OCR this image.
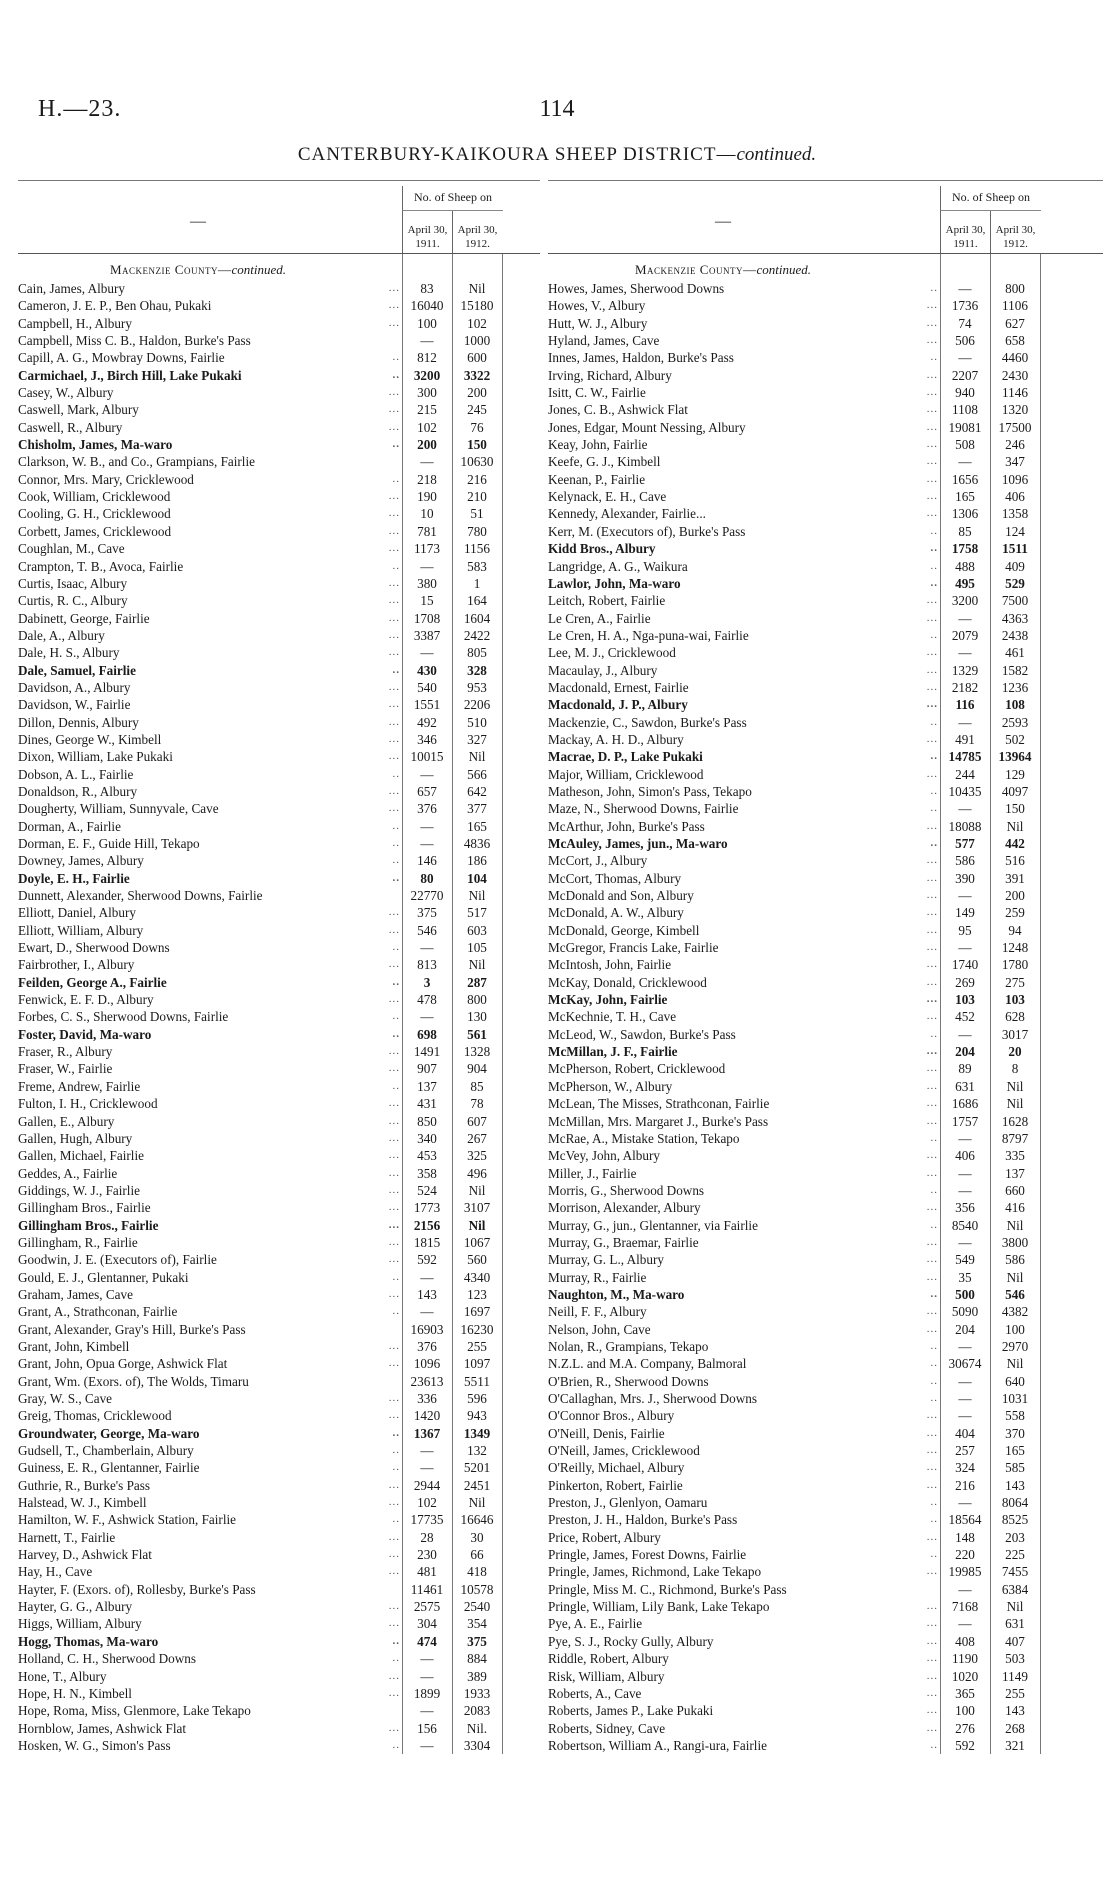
H.—23.	114
CANTERBURY-KAIKOURA SHEEP DISTRICT—continued.
—
No. of Sheep on
April 30,
1911.
April 30,
1912.
Mackenzie County—continued.
Cain, James, Albury	...	83	Nil
Cameron, J. E. P., Ben Ohau, Pukaki	... 16040	15180
Campbell, H., Albury	...	100	102
Campbell, Miss C. B., Haldon, Burke's Pass	—	1000
Capill, A. G., Mowbray Downs, Fairlie	..	812	600
Carmichael, J., Birch Hill, Lake Pukaki	..	3200	3322
Casey, W., Albury	...	300	200
Caswell, Mark, Albury	...	215	245
Caswell, R., Albury	...	102	76
Chisholm, James, Ma-waro	..	200	150
Clarkson, W. B., and Co., Grampians, Fairlie	—	10630
Connor, Mrs. Mary, Cricklewood	..	218	216
Cook, William, Cricklewood	...	190	210
Cooling, G. H., Cricklewood	...	10	51
Corbett, James, Cricklewood	...	781	780
Coughlan, M., Cave	...	1173	1156
Crampton, T. B., Avoca, Fairlie	..	—	583
Curtis, Isaac, Albury	...	380	1
Curtis, R. C., Albury	...	15	164
Dabinett, George, Fairlie	...	1708	1604
Dale, A., Albury	...	3387	2422
Dale, H. S., Albury	...	—	805
Dale, Samuel, Fairlie	..	430	328
Davidson, A., Albury	...	540	953
Davidson, W., Fairlie	...	1551	2206
Dillon, Dennis, Albury	...	492	510
Dines, George W., Kimbell	...	346	327
Dixon, William, Lake Pukaki	... 10015	Nil
Dobson, A. L., Fairlie	..	—	566
Donaldson, R., Albury	...	657	642
Dougherty, William, Sunnyvale, Cave	...	376	377
Dorman, A., Fairlie	..	—	165
Dorman, E. F., Guide Hill, Tekapo	..	—	4836
Downey, James, Albury	..	146	186
Doyle, E. H., Fairlie	..	80	104
Dunnett, Alexander, Sherwood Downs, Fairlie	22770	Nil
Elliott, Daniel, Albury	...	375	517
Elliott, William, Albury	...	546	603
Ewart, D., Sherwood Downs	..	—	105
Fairbrother, I., Albury	...	813	Nil
Feilden, George A., Fairlie	..	3	287
Fenwick, E. F. D., Albury	...	478	800
Forbes, C. S., Sherwood Downs, Fairlie	..	—	130
Foster, David, Ma-waro	..	698	561
Fraser, R., Albury	...	1491	1328
Fraser, W., Fairlie	...	907	904
Freme, Andrew, Fairlie	..	137	85
Fulton, I. H., Cricklewood	...	431	78
Gallen, E., Albury	...	850	607
Gallen, Hugh, Albury	...	340	267
Gallen, Michael, Fairlie	...	453	325
Geddes, A., Fairlie	...	358	496
Giddings, W. J., Fairlie	...	524	Nil
Gillingham Bros., Fairlie	...	1773	3107
Gillingham Bros., Fairlie	...	2156	Nil
Gillingham, R., Fairlie	...	1815	1067
Goodwin, J. E. (Executors of), Fairlie	...	592	560
Gould, E. J., Glentanner, Pukaki	..	—	4340
Graham, James, Cave	...	143	123
Grant, A., Strathconan, Fairlie	..	—	1697
Grant, Alexander, Gray's Hill, Burke's Pass	16903	16230
Grant, John, Kimbell	...	376	255
Grant, John, Opua Gorge, Ashwick Flat	...	1096	1097
Grant, Wm. (Exors. of), The Wolds, Timaru	23613	5511
Gray, W. S., Cave	...	336	596
Greig, Thomas, Cricklewood	...	1420	943
Groundwater, George, Ma-waro	..	1367	1349
Gudsell, T., Chamberlain, Albury	..	—	132
Guiness, E. R., Glentanner, Fairlie	..	—	5201
Guthrie, R., Burke's Pass	...	2944	2451
Halstead, W. J., Kimbell	...	102	Nil
Hamilton, W. F., Ashwick Station, Fairlie	.. 17735	16646
Harnett, T., Fairlie	...	28	30
Harvey, D., Ashwick Flat	...	230	66
Hay, H., Cave	...	481	418
Hayter, F. (Exors. of), Rollesby, Burke's Pass	11461	10578
Hayter, G. G., Albury	...	2575	2540
Higgs, William, Albury	...	304	354
Hogg, Thomas, Ma-waro	..	474	375
Holland, C. H., Sherwood Downs	..	—	884
Hone, T., Albury	...	—	389
Hope, H. N., Kimbell	...	1899	1933
Hope, Roma, Miss, Glenmore, Lake Tekapo	—	2083
Hornblow, James, Ashwick Flat	...	156	Nil.
Hosken, W. G., Simon's Pass	..	—	3304
—
No. of Sheep on
April 30,
1911.
April 30,
1912.
Mackenzie County—continued.
Howes, James, Sherwood Downs	..	—	800
Howes, V., Albury	...	1736	1106
Hutt, W. J., Albury	...	74	627
Hyland, James, Cave	...	506	658
Innes, James, Haldon, Burke's Pass	..	—	4460
Irving, Richard, Albury	...	2207	2430
Isitt, C. W., Fairlie	...	940	1146
Jones, C. B., Ashwick Flat	...	1108	1320
Jones, Edgar, Mount Nessing, Albury	... 19081	17500
Keay, John, Fairlie	...	508	246
Keefe, G. J., Kimbell	...	—	347
Keenan, P., Fairlie	...	1656	1096
Kelynack, E. H., Cave	...	165	406
Kennedy, Alexander, Fairlie...	...	1306	1358
Kerr, M. (Executors of), Burke's Pass	..	85	124
Kidd Bros., Albury	..	1758	1511
Langridge, A. G., Waikura	..	488	409
Lawlor, John, Ma-waro	..	495	529
Leitch, Robert, Fairlie	...	3200	7500
Le Cren, A., Fairlie	...	—	4363
Le Cren, H. A., Nga-puna-wai, Fairlie	..	2079	2438
Lee, M. J., Cricklewood	...	—	461
Macaulay, J., Albury	...	1329	1582
Macdonald, Ernest, Fairlie	...	2182	1236
Macdonald, J. P., Albury	...	116	108
Mackenzie, C., Sawdon, Burke's Pass	..	—	2593
Mackay, A. H. D., Albury	...	491	502
Macrae, D. P., Lake Pukaki	.. 14785	13964
Major, William, Cricklewood	...	244	129
Matheson, John, Simon's Pass, Tekapo	.. 10435	4097
Maze, N., Sherwood Downs, Fairlie	..	—	150
McArthur, John, Burke's Pass	... 18088	Nil
McAuley, James, jun., Ma-waro	..	577	442
McCort, J., Albury	...	586	516
McCort, Thomas, Albury	...	390	391
McDonald and Son, Albury	...	—	200
McDonald, A. W., Albury	...	149	259
McDonald, George, Kimbell	...	95	94
McGregor, Francis Lake, Fairlie	...	—	1248
McIntosh, John, Fairlie	...	1740	1780
McKay, Donald, Cricklewood	...	269	275
McKay, John, Fairlie	...	103	103
McKechnie, T. H., Cave	...	452	628
McLeod, W., Sawdon, Burke's Pass	..	—	3017
McMillan, J. F., Fairlie	...	204	20
McPherson, Robert, Cricklewood	...	89	8
McPherson, W., Albury	...	631	Nil
McLean, The Misses, Strathconan, Fairlie	...	1686	Nil
McMillan, Mrs. Margaret J., Burke's Pass	...	1757	1628
McRae, A., Mistake Station, Tekapo	..	—	8797
McVey, John, Albury	...	406	335
Miller, J., Fairlie	...	—	137
Morris, G., Sherwood Downs	..	—	660
Morrison, Alexander, Albury	...	356	416
Murray, G., jun., Glentanner, via Fairlie	..	8540	Nil
Murray, G., Braemar, Fairlie	...	—	3800
Murray, G. L., Albury	...	549	586
Murray, R., Fairlie	...	35	Nil
Naughton, M., Ma-waro	..	500	546
Neill, F. F., Albury	...	5090	4382
Nelson, John, Cave	...	204	100
Nolan, R., Grampians, Tekapo	..	—	2970
N.Z.L. and M.A. Company, Balmoral	.. 30674	Nil
O'Brien, R., Sherwood Downs	..	—	640
O'Callaghan, Mrs. J., Sherwood Downs	..	—	1031
O'Connor Bros., Albury	...	—	558
O'Neill, Denis, Fairlie	...	404	370
O'Neill, James, Cricklewood	...	257	165
O'Reilly, Michael, Albury	...	324	585
Pinkerton, Robert, Fairlie	...	216	143
Preston, J., Glenlyon, Oamaru	..	—	8064
Preston, J. H., Haldon, Burke's Pass	.. 18564	8525
Price, Robert, Albury	...	148	203
Pringle, James, Forest Downs, Fairlie	..	220	225
Pringle, James, Richmond, Lake Tekapo	... 19985	7455
Pringle, Miss M. C., Richmond, Burke's Pass	—	6384
Pringle, William, Lily Bank, Lake Tekapo	...	7168	Nil
Pye, A. E., Fairlie	...	—	631
Pye, S. J., Rocky Gully, Albury	...	408	407
Riddle, Robert, Albury	...	1190	503
Risk, William, Albury	...	1020	1149
Roberts, A., Cave	...	365	255
Roberts, James P., Lake Pukaki	...	100	143
Roberts, Sidney, Cave	...	276	268
Robertson, William A., Rangi-ura, Fairlie	..	592	321
